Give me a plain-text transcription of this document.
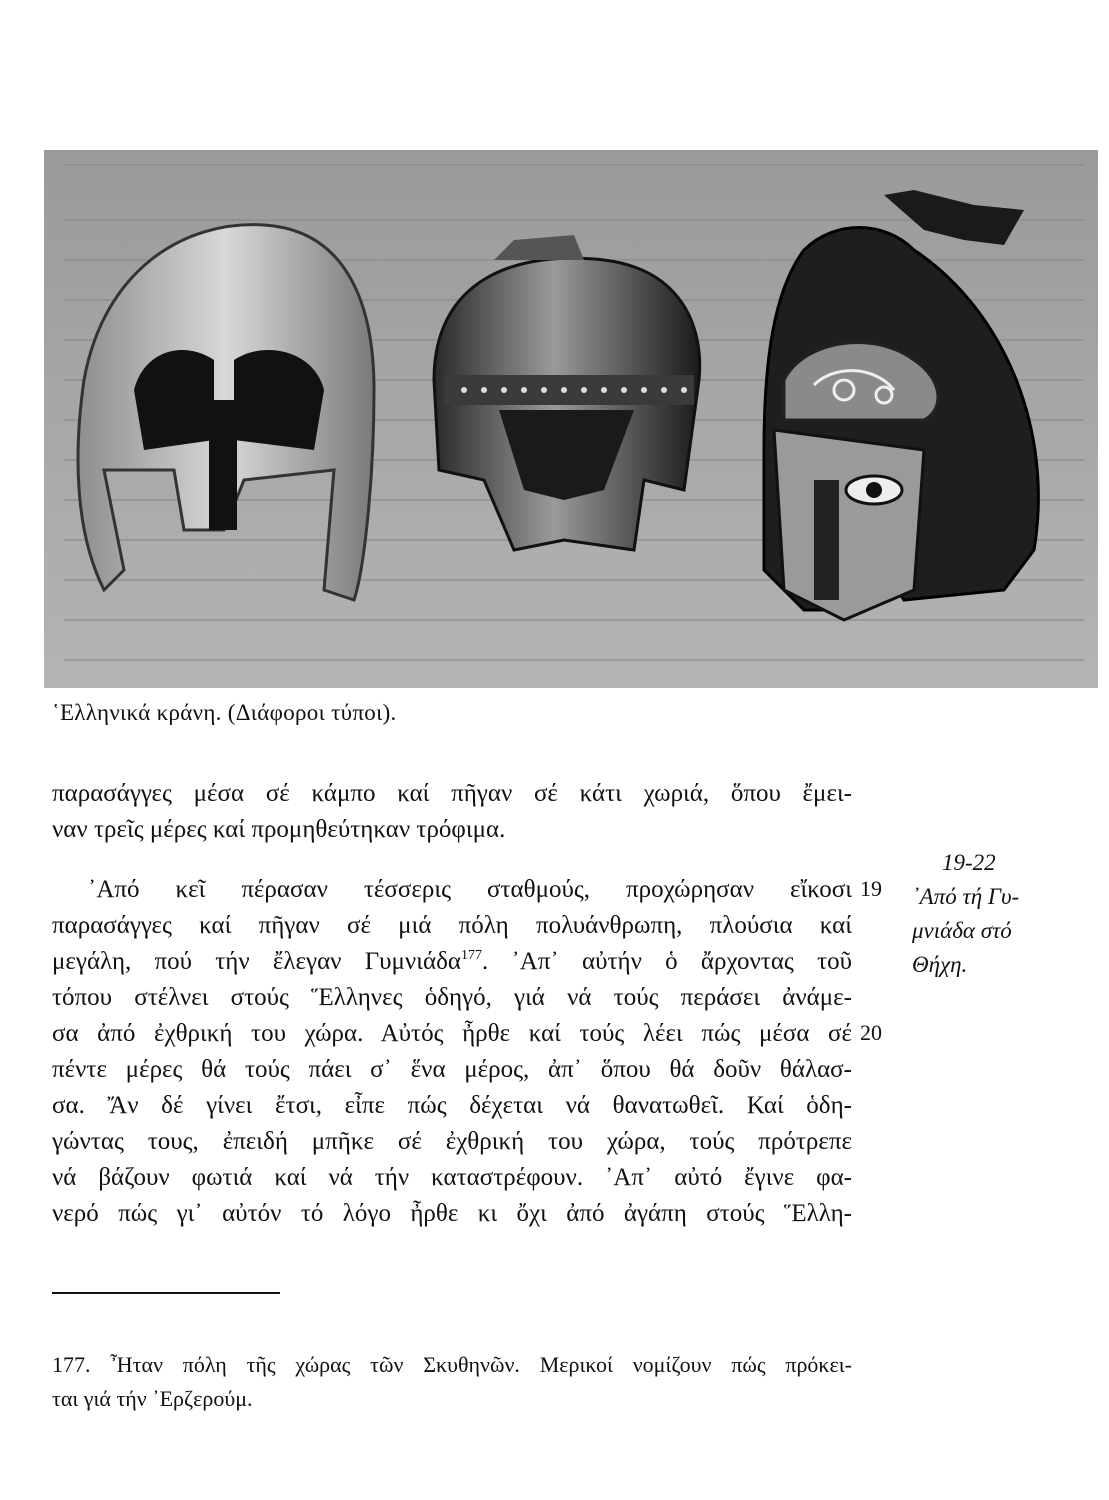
῾Ελληνικά κράνη. (Διάφοροι τύποι).
παρασάγγες μέσα σέ κάμπο καί πῆγαν σέ κάτι χωριά, ὅπου ἔμει-
ναν τρεῖς μέρες καί προμηθεύτηκαν τρόφιμα.
᾿Από κεῖ πέρασαν τέσσερις σταθμούς, προχώρησαν εἴκοσι
παρασάγγες καί πῆγαν σέ μιά πόλη πολυάνθρωπη, πλούσια καί
μεγάλη, πού τήν ἔλεγαν Γυμνιάδα$^{177}$. ᾿Απ᾿ αὐτήν ὁ ἄρχοντας τοῦ
τόπου στέλνει στούς Ἕλληνες ὁδηγό, γιά νά τούς περάσει ἀνάμε-
σα ἀπό ἐχθρική του χώρα. Αὐτός ἦρθε καί τούς λέει πώς μέσα σέ
πέντε μέρες θά τούς πάει σ᾿ ἕνα μέρος, ἀπ᾿ ὅπου θά δοῦν θάλασ-
σα. Ἄν δέ γίνει ἔτσι, εἶπε πώς δέχεται νά θανατωθεῖ. Καί ὁδη-
γώντας τους, ἐπειδή μπῆκε σέ ἐχθρική του χώρα, τούς πρότρεπε
νά βάζουν φωτιά καί νά τήν καταστρέφουν. ᾿Απ᾿ αὐτό ἔγινε φα-
νερό πώς γι᾿ αὐτόν τό λόγο ἦρθε κι ὄχι ἀπό ἀγάπη στούς Ἕλλη-
19
20
19-22
᾿Από τή Γυ-
μνιάδα στό
Θήχη.
177. Ἦταν πόλη τῆς χώρας τῶν Σκυθηνῶν. Μερικοί νομίζουν πώς πρόκει-
ται γιά τήν ᾿Ερζερούμ.
